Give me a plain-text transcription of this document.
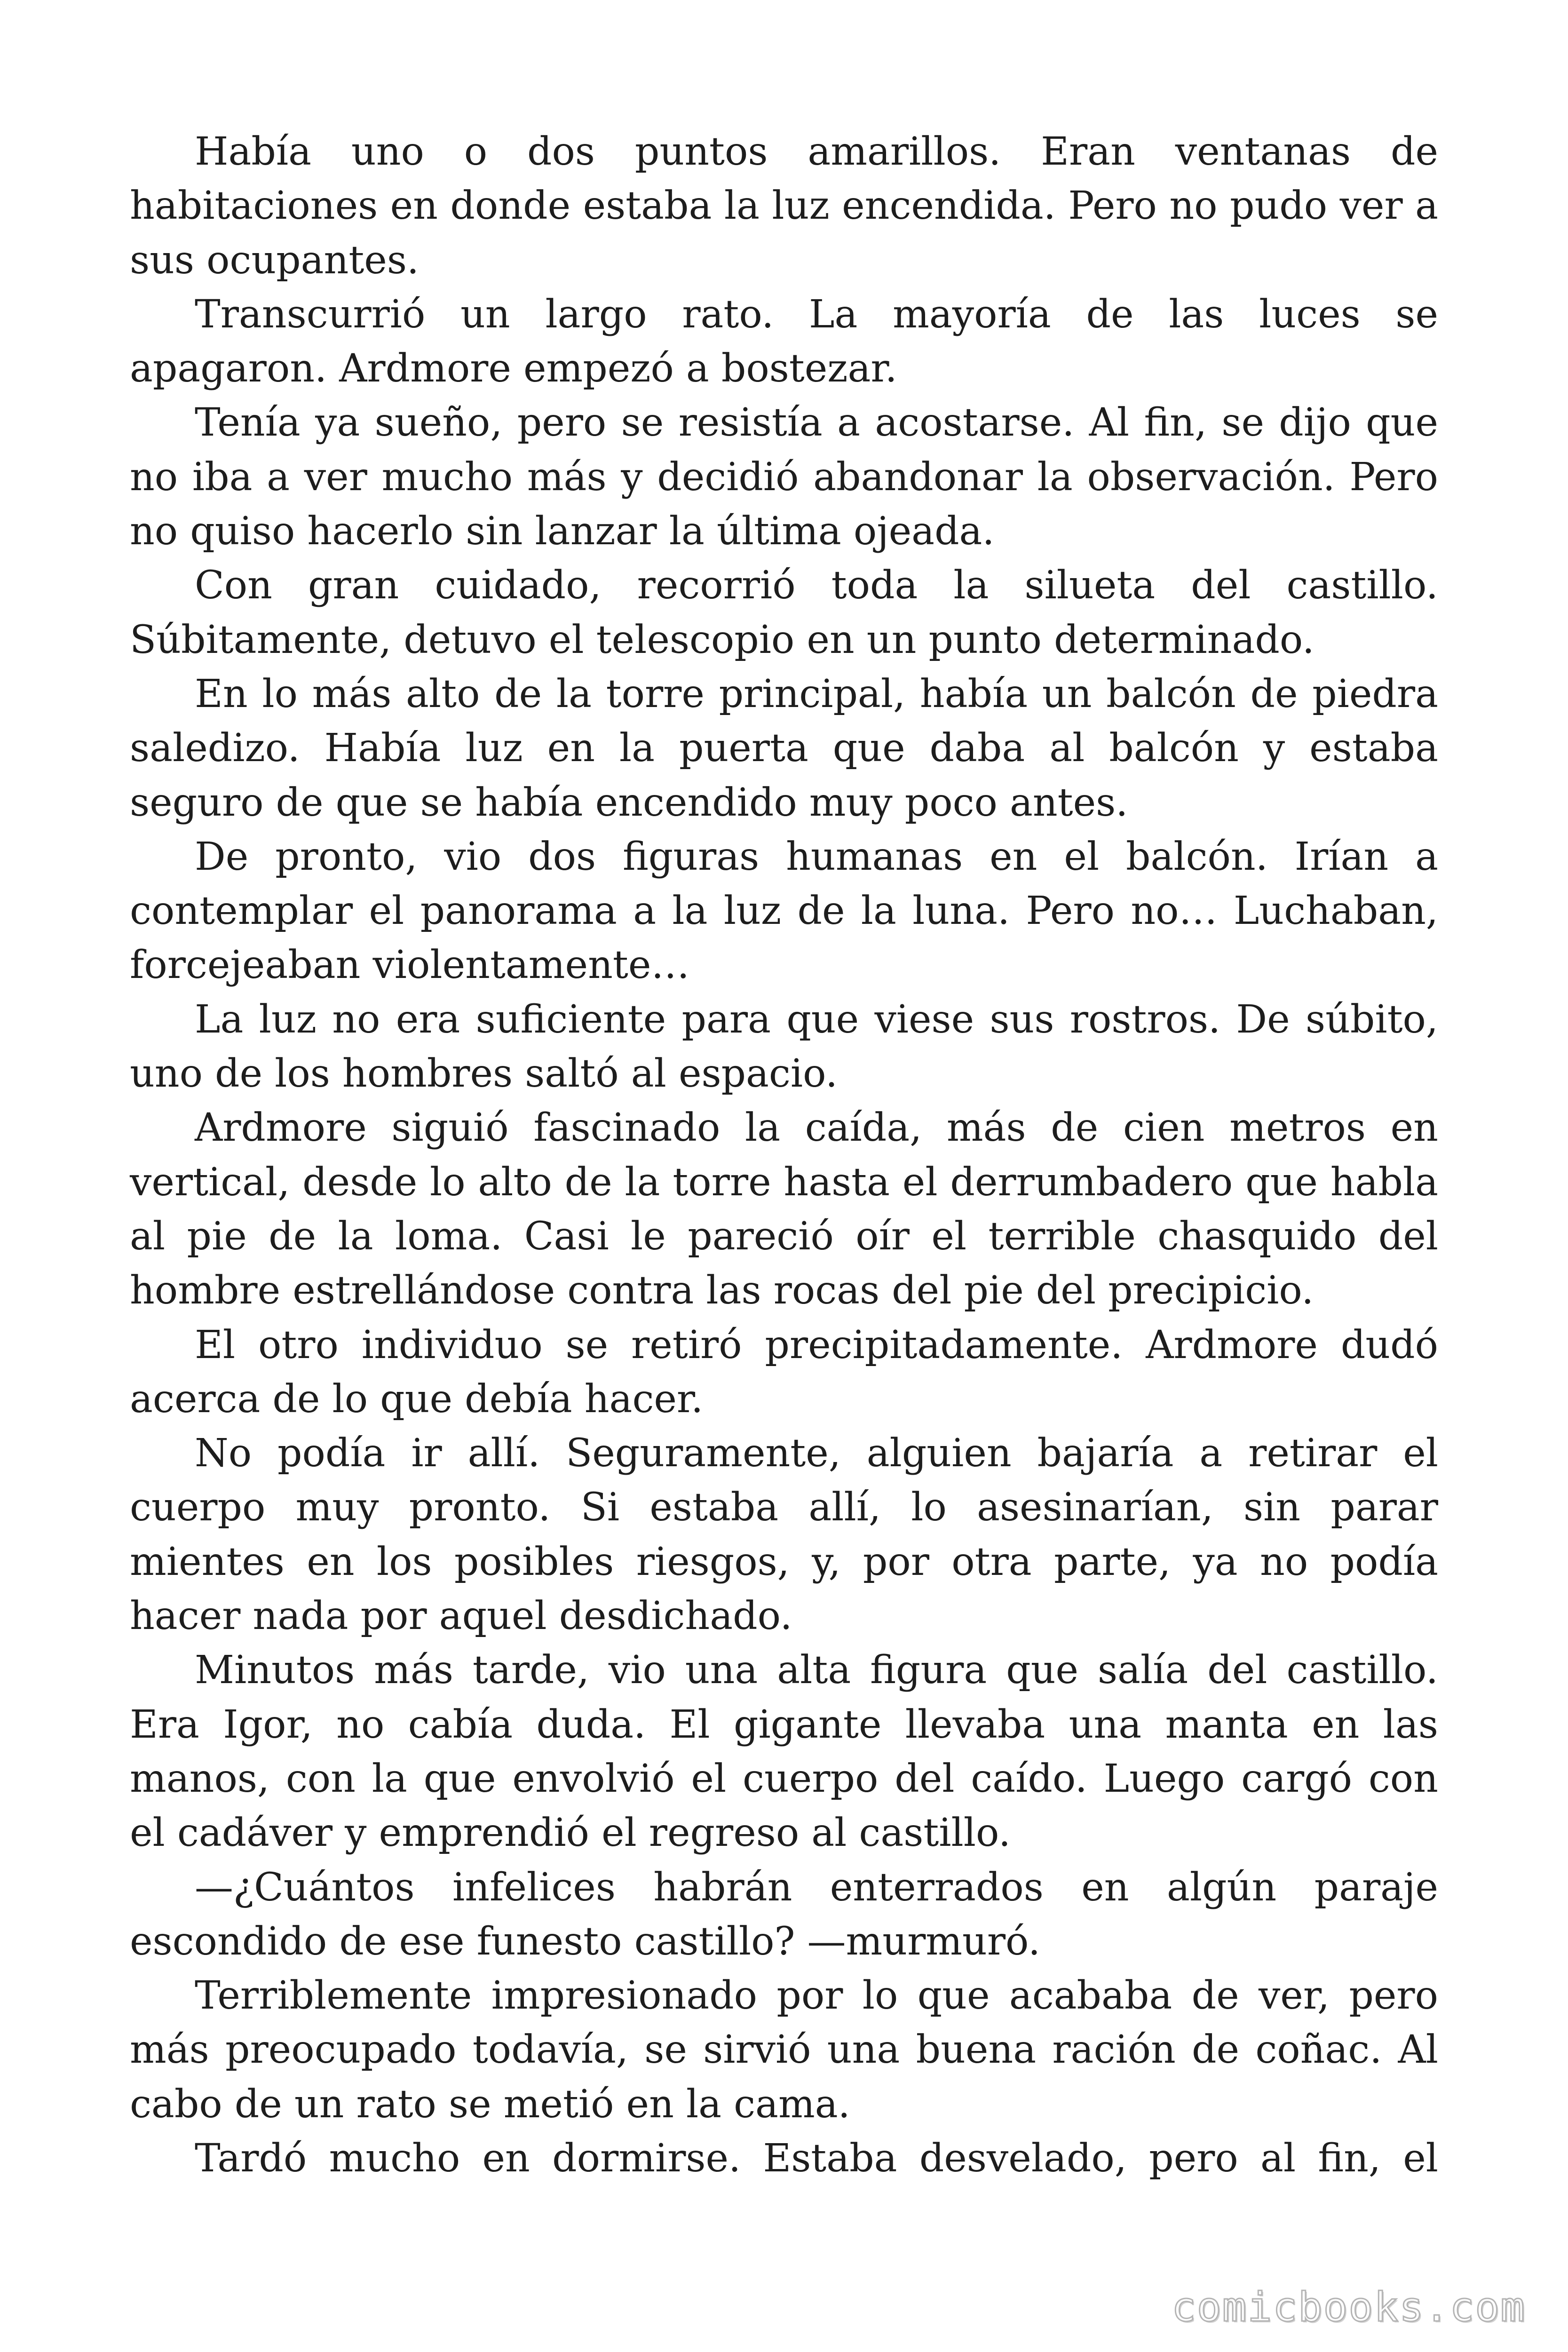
Había uno o dos puntos amarillos. Eran ventanas de habitaciones en donde estaba la luz encendida. Pero no pudo ver a sus ocupantes.

Transcurrió un largo rato. La mayoría de las luces se apagaron. Ardmore empezó a bostezar.

Tenía ya sueño, pero se resistía a acostarse. Al fin, se dijo que no iba a ver mucho más y decidió abandonar la observación. Pero no quiso hacerlo sin lanzar la última ojeada.

Con gran cuidado, recorrió toda la silueta del castillo. Súbitamente, detuvo el telescopio en un punto determinado.

En lo más alto de la torre principal, había un balcón de piedra saledizo. Había luz en la puerta que daba al balcón y estaba seguro de que se había encendido muy poco antes.

De pronto, vio dos figuras humanas en el balcón. Irían a contemplar el panorama a la luz de la luna. Pero no… Luchaban, forcejeaban violentamente…

La luz no era suficiente para que viese sus rostros. De súbito, uno de los hombres saltó al espacio.

Ardmore siguió fascinado la caída, más de cien metros en vertical, desde lo alto de la torre hasta el derrumbadero que habla al pie de la loma. Casi le pareció oír el terrible chasquido del hombre estrellándose contra las rocas del pie del precipicio.

El otro individuo se retiró precipitadamente. Ardmore dudó acerca de lo que debía hacer.

No podía ir allí. Seguramente, alguien bajaría a retirar el cuerpo muy pronto. Si estaba allí, lo asesinarían, sin parar mientes en los posibles riesgos, y, por otra parte, ya no podía hacer nada por aquel desdichado.

Minutos más tarde, vio una alta figura que salía del castillo. Era Igor, no cabía duda. El gigante llevaba una manta en las manos, con la que envolvió el cuerpo del caído. Luego cargó con el cadáver y emprendió el regreso al castillo.

—¿Cuántos infelices habrán enterrados en algún paraje escondido de ese funesto castillo? —murmuró.

Terriblemente impresionado por lo que acababa de ver, pero más preocupado todavía, se sirvió una buena ración de coñac. Al cabo de un rato se metió en la cama.

Tardó mucho en dormirse. Estaba desvelado, pero al fin, el

comicbooks.com
